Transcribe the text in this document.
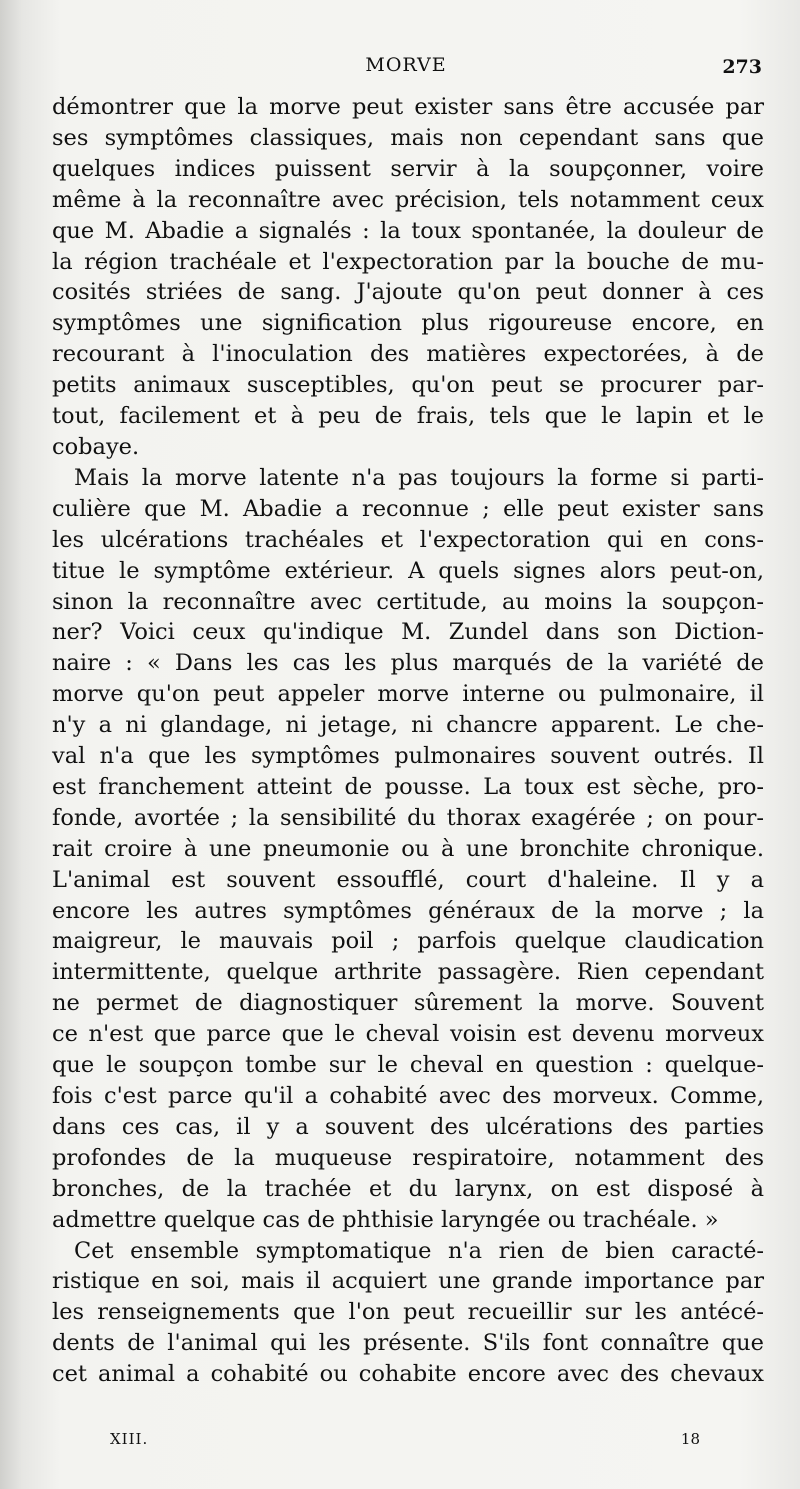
MORVE	273

démontrer que la morve peut exister sans être accusée par
ses symptômes classiques, mais non cependant sans que
quelques indices puissent servir à la soupçonner, voire
même à la reconnaître avec précision, tels notamment ceux
que M. Abadie a signalés : la toux spontanée, la douleur de
la région trachéale et l'expectoration par la bouche de mu-
cosités striées de sang. J'ajoute qu'on peut donner à ces
symptômes une signification plus rigoureuse encore, en
recourant à l'inoculation des matières expectorées, à de
petits animaux susceptibles, qu'on peut se procurer par-
tout, facilement et à peu de frais, tels que le lapin et le
cobaye.

Mais la morve latente n'a pas toujours la forme si parti-
culière que M. Abadie a reconnue ; elle peut exister sans
les ulcérations trachéales et l'expectoration qui en cons-
titue le symptôme extérieur. A quels signes alors peut-on,
sinon la reconnaître avec certitude, au moins la soupçon-
ner? Voici ceux qu'indique M. Zundel dans son Diction-
naire : « Dans les cas les plus marqués de la variété de
morve qu'on peut appeler morve interne ou pulmonaire, il
n'y a ni glandage, ni jetage, ni chancre apparent. Le che-
val n'a que les symptômes pulmonaires souvent outrés. Il
est franchement atteint de pousse. La toux est sèche, pro-
fonde, avortée ; la sensibilité du thorax exagérée ; on pour-
rait croire à une pneumonie ou à une bronchite chronique.
L'animal est souvent essoufflé, court d'haleine. Il y a
encore les autres symptômes généraux de la morve ; la
maigreur, le mauvais poil ; parfois quelque claudication
intermittente, quelque arthrite passagère. Rien cependant
ne permet de diagnostiquer sûrement la morve. Souvent
ce n'est que parce que le cheval voisin est devenu morveux
que le soupçon tombe sur le cheval en question : quelque-
fois c'est parce qu'il a cohabité avec des morveux. Comme,
dans ces cas, il y a souvent des ulcérations des parties
profondes de la muqueuse respiratoire, notamment des
bronches, de la trachée et du larynx, on est disposé à
admettre quelque cas de phthisie laryngée ou trachéale. »

Cet ensemble symptomatique n'a rien de bien caracté-
ristique en soi, mais il acquiert une grande importance par
les renseignements que l'on peut recueillir sur les antécé-
dents de l'animal qui les présente. S'ils font connaître que
cet animal a cohabité ou cohabite encore avec des chevaux

XIII.	18
